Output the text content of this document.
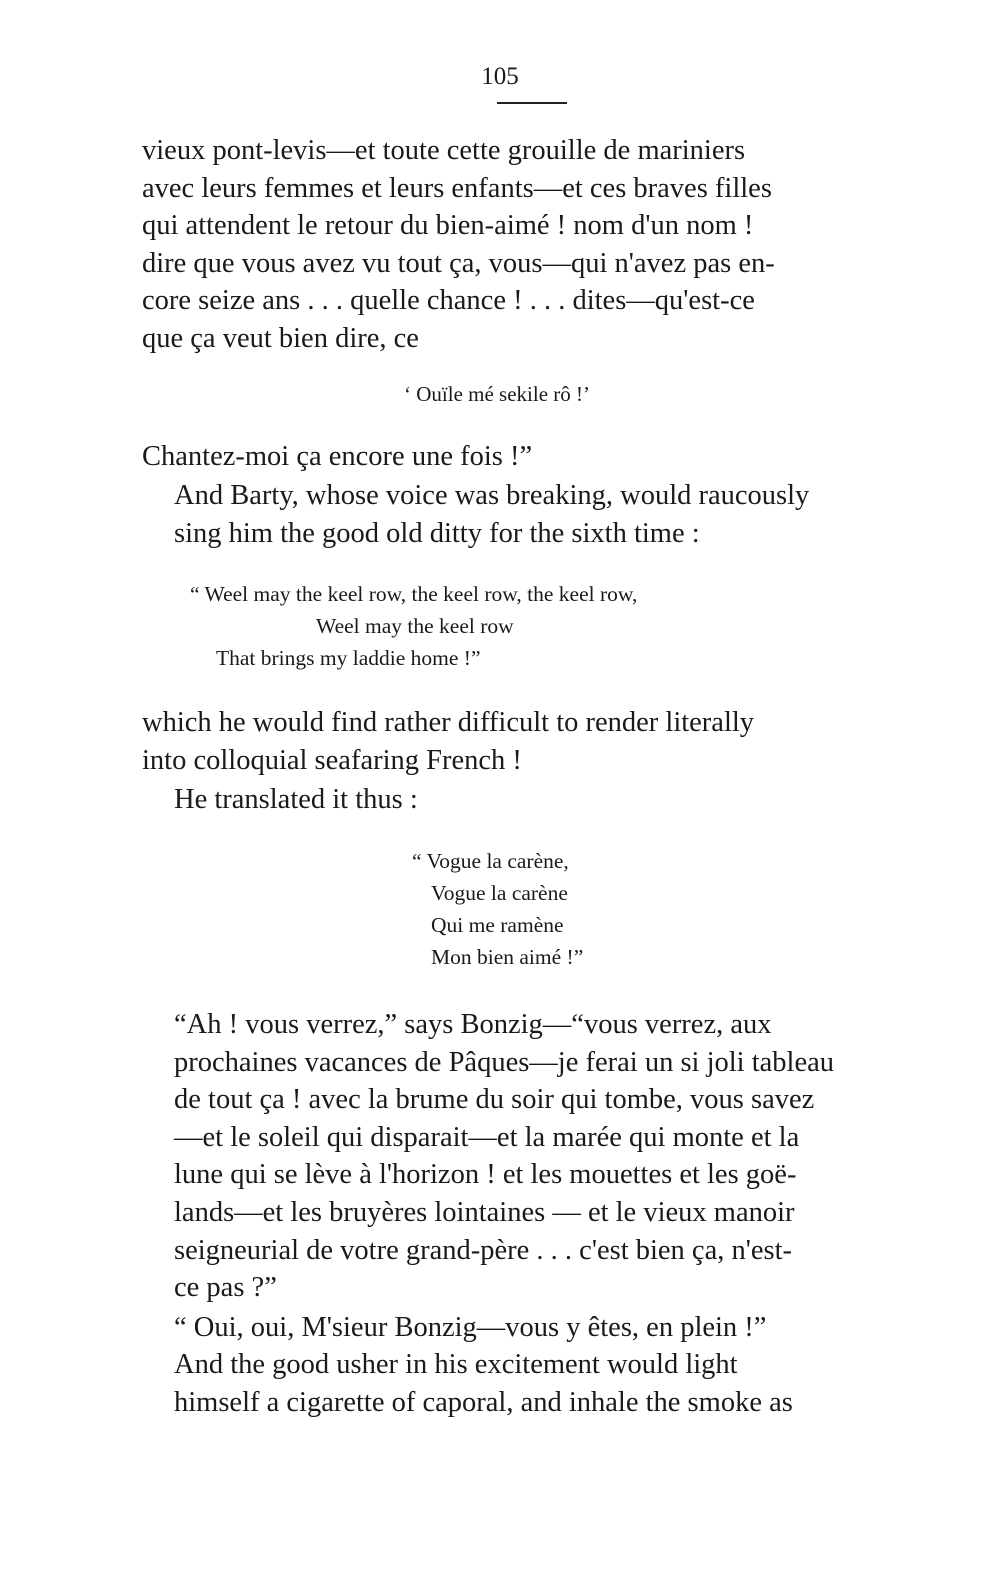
105

vieux pont-levis—et toute cette grouille de mariniers
avec leurs femmes et leurs enfants—et ces braves filles
qui attendent le retour du bien-aimé ! nom d'un nom !
dire que vous avez vu tout ça, vous—qui n'avez pas en-
core seize ans . . . quelle chance ! . . . dites—qu'est-ce
que ça veut bien dire, ce

‘ Ouïle mé sekile rô !’

Chantez-moi ça encore une fois !”

And Barty, whose voice was breaking, would raucously
sing him the good old ditty for the sixth time :

“ Weel may the keel row, the keel row, the keel row,
Weel may the keel row
That brings my laddie home !”

which he would find rather difficult to render literally
into colloquial seafaring French !

He translated it thus :

“ Vogue la carène,
Vogue la carène
Qui me ramène
Mon bien aimé !”

“Ah ! vous verrez,” says Bonzig—“vous verrez, aux
prochaines vacances de Pâques—je ferai un si joli tableau
de tout ça ! avec la brume du soir qui tombe, vous savez
—et le soleil qui disparait—et la marée qui monte et la
lune qui se lève à l'horizon ! et les mouettes et les goë-
lands—et les bruyères lointaines — et le vieux manoir
seigneurial de votre grand-père . . . c'est bien ça, n'est-
ce pas ?”

“ Oui, oui, M'sieur Bonzig—vous y êtes, en plein !”

And the good usher in his excitement would light
himself a cigarette of caporal, and inhale the smoke as
